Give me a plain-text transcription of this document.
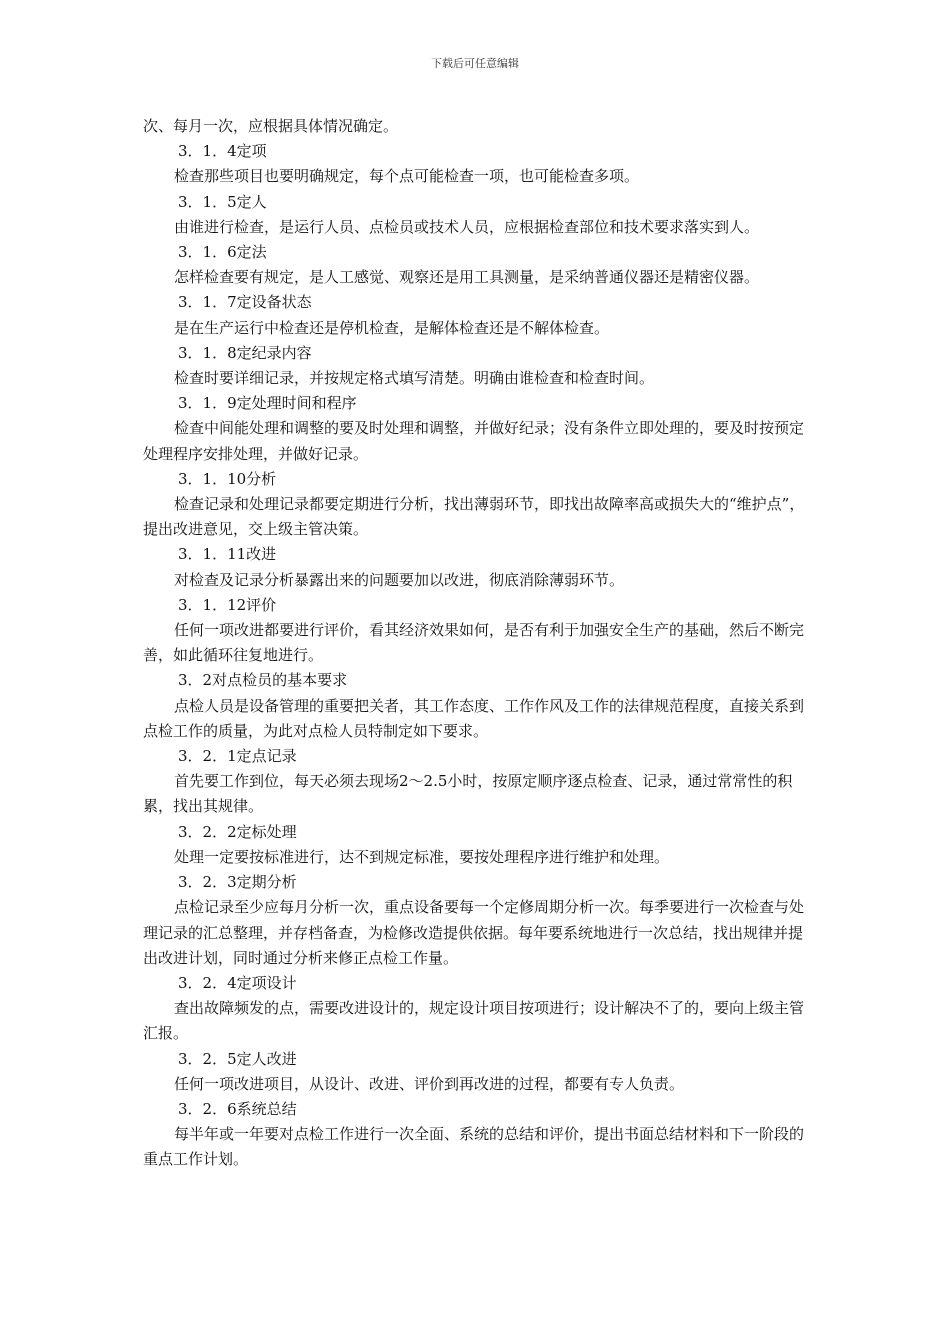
下载后可任意编辑

次、每月一次，应根据具体情况确定。

3．1．4定项

检查那些项目也要明确规定，每个点可能检查一项，也可能检查多项。

3．1．5定人

由谁进行检查，是运行人员、点检员或技术人员，应根据检查部位和技术要求落实到人。

3．1．6定法

怎样检查要有规定，是人工感觉、观察还是用工具测量，是采纳普通仪器还是精密仪器。

3．1．7定设备状态

是在生产运行中检查还是停机检查，是解体检查还是不解体检查。

3．1．8定纪录内容

检查时要详细记录，并按规定格式填写清楚。明确由谁检查和检查时间。

3．1．9定处理时间和程序

检查中间能处理和调整的要及时处理和调整，并做好纪录；没有条件立即处理的，要及时按预定处理程序安排处理，并做好记录。

3．1．10分析

检查记录和处理记录都要定期进行分析，找出薄弱环节，即找出故障率高或损失大的“维护点”，提出改进意见，交上级主管决策。

3．1．11改进

对检查及记录分析暴露出来的问题要加以改进，彻底消除薄弱环节。

3．1．12评价

任何一项改进都要进行评价，看其经济效果如何，是否有利于加强安全生产的基础，然后不断完善，如此循环往复地进行。

3．2对点检员的基本要求

点检人员是设备管理的重要把关者，其工作态度、工作作风及工作的法律规范程度，直接关系到点检工作的质量，为此对点检人员特制定如下要求。

3．2．1定点记录

首先要工作到位，每天必须去现场2～2.5小时，按原定顺序逐点检查、记录，通过常常性的积累，找出其规律。

3．2．2定标处理

处理一定要按标准进行，达不到规定标准，要按处理程序进行维护和处理。

3．2．3定期分析

点检记录至少应每月分析一次，重点设备要每一个定修周期分析一次。每季要进行一次检查与处理记录的汇总整理，并存档备查，为检修改造提供依据。每年要系统地进行一次总结，找出规律并提出改进计划，同时通过分析来修正点检工作量。

3．2．4定项设计

查出故障频发的点，需要改进设计的，规定设计项目按项进行；设计解决不了的，要向上级主管汇报。

3．2．5定人改进

任何一项改进项目，从设计、改进、评价到再改进的过程，都要有专人负责。

3．2．6系统总结

每半年或一年要对点检工作进行一次全面、系统的总结和评价，提出书面总结材料和下一阶段的重点工作计划。
